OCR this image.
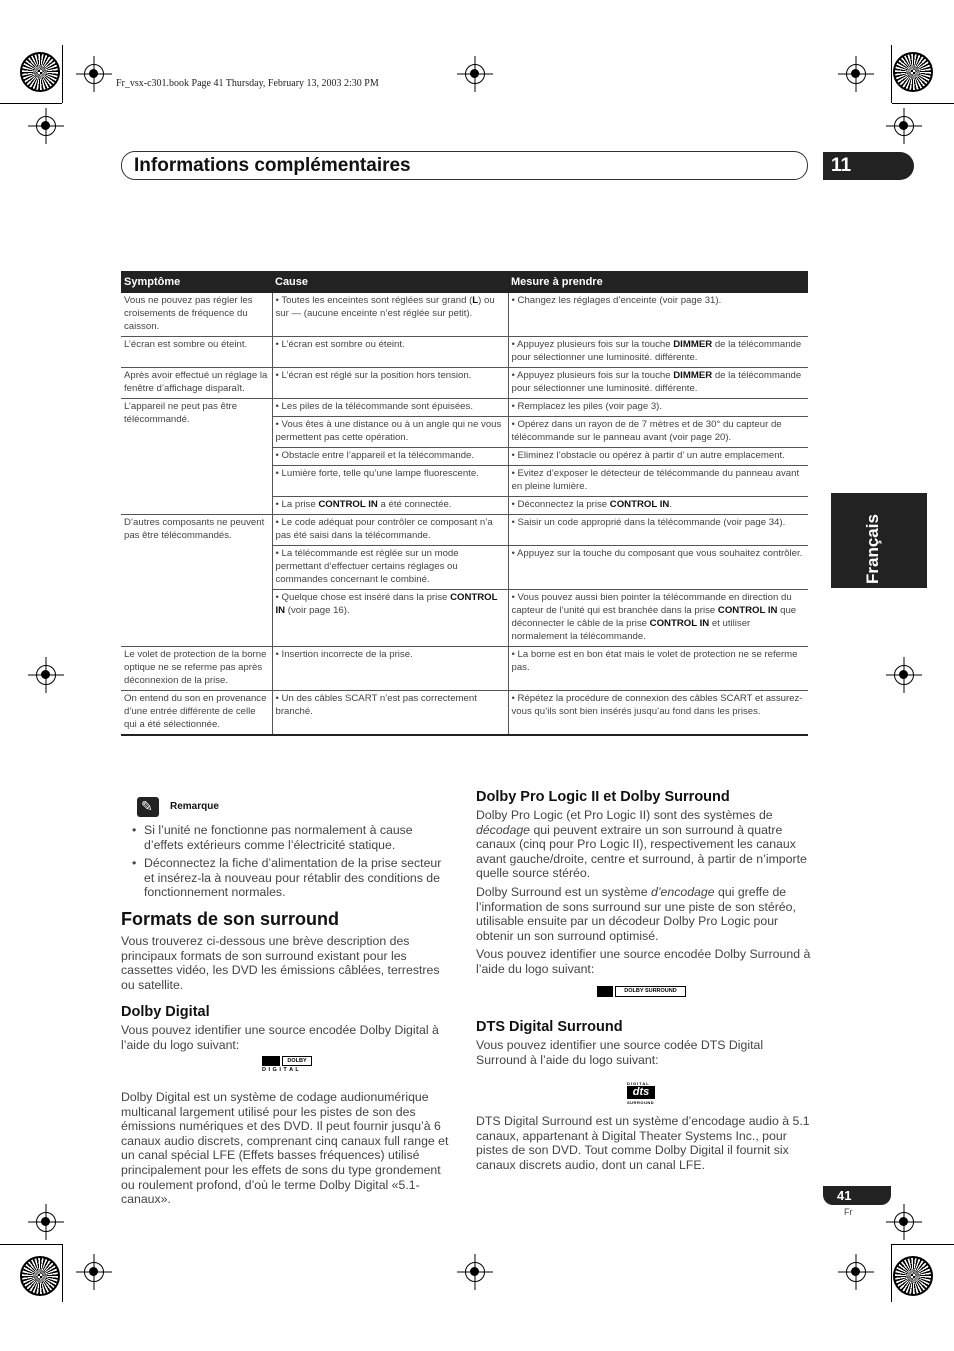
Fr_vsx-c301.book Page 41 Thursday, February 13, 2003 2:30 PM
Informations complémentaires	11
Français
Symptôme	Cause	Mesure à prendre
Vous ne pouvez pas régler les croisements de fréquence du caisson.	• Toutes les enceintes sont réglées sur grand (L) ou sur — (aucune enceinte n’est réglée sur petit).	• Changez les réglages d’enceinte (voir page 31).
L’écran est sombre ou éteint.	• L’écran est sombre ou éteint.	• Appuyez plusieurs fois sur la touche DIMMER de la télécommande pour sélectionner une luminosité. différente.
Après avoir effectué un réglage la fenêtre d’affichage disparaît.	• L’écran est réglé sur la position hors tension.	• Appuyez plusieurs fois sur la touche DIMMER de la télécommande pour sélectionner une luminosité. différente.
L’appareil ne peut pas être télécommandé.	• Les piles de la télécommande sont épuisées.	• Remplacez les piles (voir page 3).
	• Vous êtes à une distance ou à un angle qui ne vous permettent pas cette opération.	• Opérez dans un rayon de de 7 mètres et de 30° du capteur de télécommande sur le panneau avant (voir page 20).
	• Obstacle entre l’appareil et la télécommande.	• Eliminez l’obstacle ou opérez à partir d’ un autre emplacement.
	• Lumière forte, telle qu’une lampe fluorescente.	• Evitez d’exposer le détecteur de télécommande du panneau avant en pleine lumière.
	• La prise CONTROL IN a été connectée.	• Déconnectez la prise CONTROL IN.
D’autres composants ne peuvent pas être télécommandés.	• Le code adéquat pour contrôler ce composant n’a pas été saisi dans la télécommande.	• Saisir un code approprié dans la télécommande (voir page 34).
	• La télécommande est réglée sur un mode permettant d’effectuer certains réglages ou commandes concernant le combiné.	• Appuyez sur la touche du composant que vous souhaitez contrôler.
	• Quelque chose est inséré dans la prise CONTROL IN (voir page 16).	• Vous pouvez aussi bien pointer la télécommande en direction du capteur de l’unité qui est branchée dans la prise CONTROL IN que déconnecter le câble de la prise CONTROL IN et utiliser normalement la télécommande.
Le volet de protection de la borne optique ne se referme pas après déconnexion de la prise.	• Insertion incorrecte de la prise.	• La borne est en bon état mais le volet de protection ne se referme pas.
On entend du son en provenance d’une entrée différente de celle qui a été sélectionnée.	• Un des câbles SCART n’est pas correctement branché.	• Répétez la procédure de connexion des câbles SCART et assurez-vous qu’ils sont bien insérés jusqu’au fond dans les prises.
✎
Remarque
• Si l’unité ne fonctionne pas normalement à cause d’effets extérieurs comme l’électricité statique.
• Déconnectez la fiche d’alimentation de la prise secteur et insérez-la à nouveau pour rétablir des conditions de fonctionnement normales.
Formats de son surround
Vous trouverez ci-dessous une brève description des principaux formats de son surround existant pour les cassettes vidéo, les DVD les émissions câblées, terrestres ou satellite.
Dolby Digital
Vous pouvez identifier une source encodée Dolby Digital à l’aide du logo suivant:
DOLBY
D I G I T A L
Dolby Digital est un système de codage audionumérique multicanal largement utilisé pour les pistes de son des émissions numériques et des DVD. Il peut fournir jusqu’à 6 canaux audio discrets, comprenant cinq canaux full range et un canal spécial LFE (Effets basses fréquences) utilisé principalement pour les effets de sons du type grondement ou roulement profond, d’où le terme Dolby Digital «5.1-canaux».
Dolby Pro Logic II et Dolby Surround
Dolby Pro Logic (et Pro Logic II) sont des systèmes de décodage qui peuvent extraire un son surround à quatre canaux (cinq pour Pro Logic II), respectivement les canaux avant gauche/droite, centre et surround, à partir de n’importe quelle source stéréo.
Dolby Surround est un système d’encodage qui greffe de l’information de sons surround sur une piste de son stéréo, utilisable ensuite par un décodeur Dolby Pro Logic pour obtenir un son surround optimisé.
Vous pouvez identifier une source encodée Dolby Surround à l’aide du logo suivant:
DOLBY SURROUND
DTS Digital Surround
Vous pouvez identifier une source codée DTS Digital Surround à l’aide du logo suivant:
DIGITAL
dts
SURROUND
DTS Digital Surround est un système d’encodage audio à 5.1 canaux, appartenant à Digital Theater Systems Inc., pour pistes de son DVD. Tout comme Dolby Digital il fournit six canaux discrets audio, dont un canal LFE.
41
Fr
